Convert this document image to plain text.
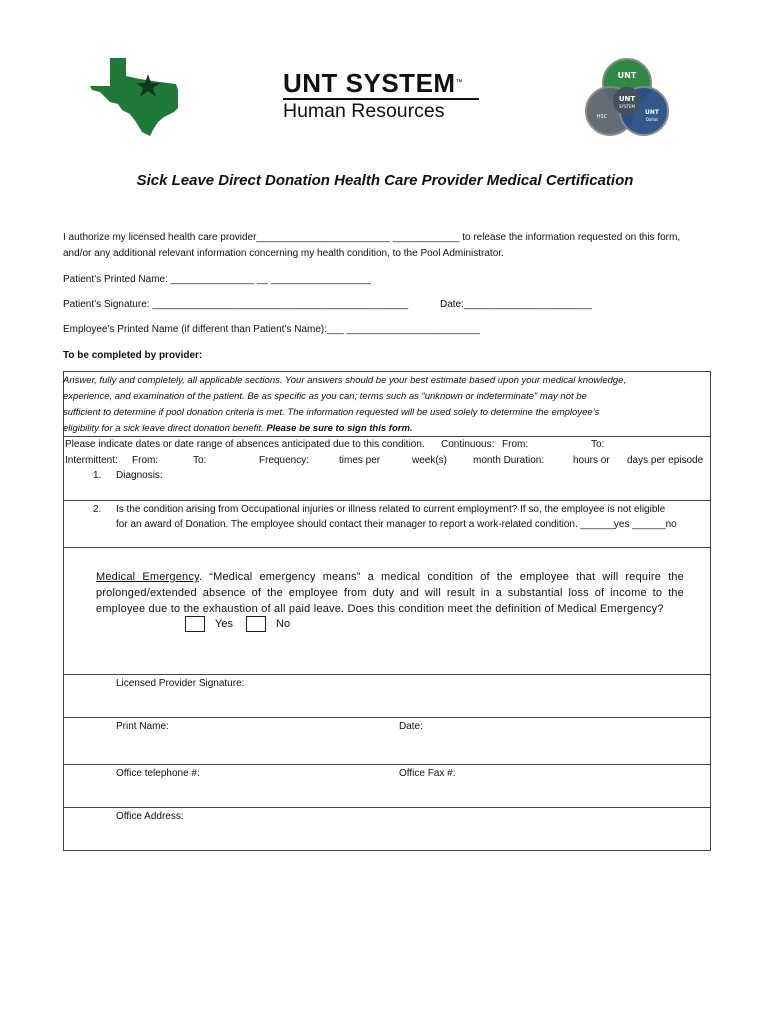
UNT SYSTEM™
Human Resources
UNT
UNT
SYSTEM
UNT
Dallas
HSC
Sick Leave Direct Donation Health Care Provider Medical Certification
I authorize my licensed health care provider________________________ ____________ to release the information requested on this form,
and/or any additional relevant information concerning my health condition, to the Pool Administrator.
Patient’s Printed Name: _______________ __ __________________
Patient’s Signature: ______________________________________________	Date:_______________________
Employee’s Printed Name (if different than Patient’s Name):___ ________________________
To be completed by provider:
Answer, fully and completely, all applicable sections. Your answers should be your best estimate based upon your medical knowledge,
experience, and examination of the patient. Be as specific as you can; terms such as “unknown or indeterminate” may not be
sufficient to determine if pool donation criteria is met. The information requested will be used solely to determine the employee’s
eligibility for a sick leave direct donation benefit. Please be sure to sign this form.
Please indicate dates or date range of absences anticipated due to this condition. Continuous: From:	To:
Intermittent: From:	To:	Frequency:	times per	week(s)	month Duration:	hours or days per episode
1. Diagnosis:
2. Is the condition arising from Occupational injuries or illness related to current employment? If so, the employee is not eligible
for an award of Donation. The employee should contact their manager to report a work-related condition. ______yes ______no
Medical Emergency. “Medical emergency means” a medical condition of the employee that will require the prolonged/extended absence of the employee from duty and will result in a substantial loss of income to the employee due to the exhaustion of all paid leave. Does this condition meet the definition of Medical Emergency?
Yes	No
Licensed Provider Signature:
Print Name:	Date:
Office telephone #:	Office Fax #:
Office Address:
